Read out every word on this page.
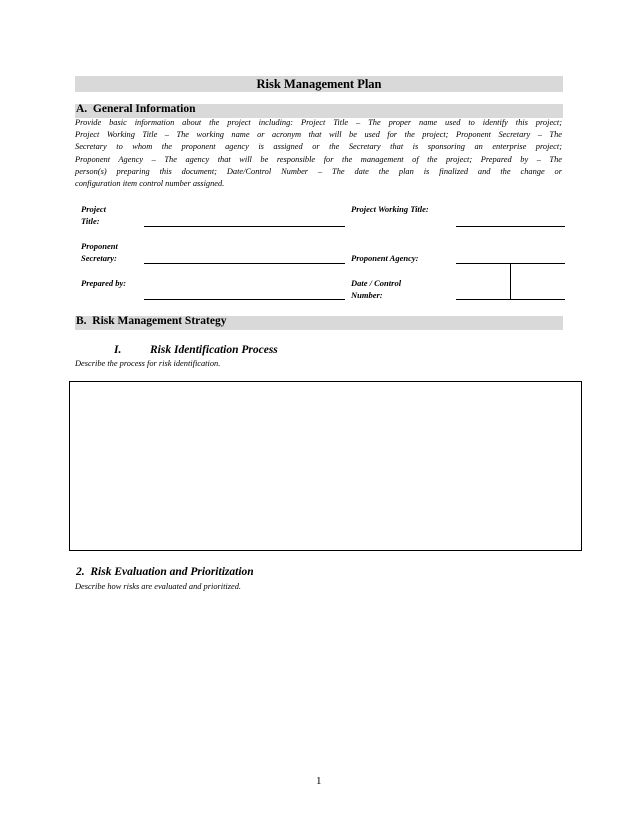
Risk Management Plan
A.  General Information
Provide basic information about the project including: Project Title – The proper name used to identify this project;
Project Working Title – The working name or acronym that will be used for the project; Proponent Secretary – The
Secretary to whom the proponent agency is assigned or the Secretary that is sponsoring an enterprise project;
Proponent Agency – The agency that will be responsible for the management of the project; Prepared by – The
person(s) preparing this document; Date/Control Number – The date the plan is finalized and the change or
configuration item control number assigned.
Project
Title:
Project Working Title:
Proponent
Secretary:	Proponent Agency:
Prepared by:	Date / Control
Number:
B.  Risk Management Strategy
I. Risk Identification Process
Describe the process for risk identification.
2.  Risk Evaluation and Prioritization
Describe how risks are evaluated and prioritized.
1
